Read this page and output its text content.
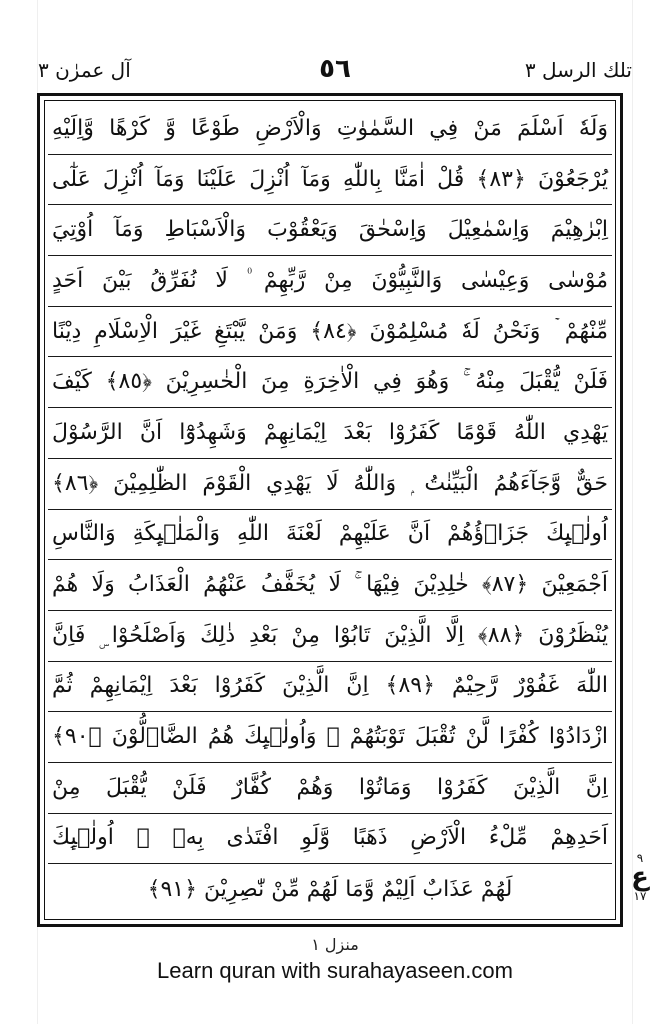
تلك الرسل ٣
٥٦
آل عمرٰن ٣
وَلَهٗ اَسْلَمَ مَنْ فِي السَّمٰوٰتِ وَالْاَرْضِ طَوْعًا وَّ كَرْهًا وَّاِلَيْهِ
يُرْجَعُوْنَ ﴿٨٣﴾ قُلْ اٰمَنَّا بِاللّٰهِ وَمَآ اُنْزِلَ عَلَيْنَا وَمَآ اُنْزِلَ عَلٰٓى
اِبْرٰهِيْمَ وَاِسْمٰعِيْلَ وَاِسْحٰقَ وَيَعْقُوْبَ وَالْاَسْبَاطِ وَمَآ اُوْتِيَ
مُوْسٰى وَعِيْسٰى وَالنَّبِيُّوْنَ مِنْ رَّبِّهِمْ ۠ لَا نُفَرِّقُ بَيْنَ اَحَدٍ
مِّنْهُمْ ۡ وَنَحْنُ لَهٗ مُسْلِمُوْنَ ﴿٨٤﴾ وَمَنْ يَّبْتَغِ غَيْرَ الْاِسْلَامِ دِيْنًا
فَلَنْ يُّقْبَلَ مِنْهُ ۚ وَهُوَ فِي الْاٰخِرَةِ مِنَ الْخٰسِرِيْنَ ﴿٨٥﴾ كَيْفَ
يَهْدِي اللّٰهُ قَوْمًا كَفَرُوْا بَعْدَ اِيْمَانِهِمْ وَشَهِدُوْٓا اَنَّ الرَّسُوْلَ
حَقٌّ وَّجَآءَهُمُ الْبَيِّنٰتُ ۭ وَاللّٰهُ لَا يَهْدِي الْقَوْمَ الظّٰلِمِيْنَ ﴿٨٦﴾
اُولٰۗىِٕكَ جَزَاۗؤُهُمْ اَنَّ عَلَيْهِمْ لَعْنَةَ اللّٰهِ وَالْمَلٰۗىِٕكَةِ وَالنَّاسِ
اَجْمَعِيْنَ ﴿٨٧﴾ خٰلِدِيْنَ فِيْهَا ۚ لَا يُخَفَّفُ عَنْهُمُ الْعَذَابُ وَلَا هُمْ
يُنْظَرُوْنَ ﴿٨٨﴾ اِلَّا الَّذِيْنَ تَابُوْا مِنْ بَعْدِ ذٰلِكَ وَاَصْلَحُوْا ۣ فَاِنَّ
اللّٰهَ غَفُوْرٌ رَّحِيْمٌ ﴿٨٩﴾ اِنَّ الَّذِيْنَ كَفَرُوْا بَعْدَ اِيْمَانِهِمْ ثُمَّ
ازْدَادُوْا كُفْرًا لَّنْ تُقْبَلَ تَوْبَتُهُمْ ۚ وَاُولٰۗىِٕكَ هُمُ الضَّاۗلُّوْنَ ﴿٩٠﴾
اِنَّ الَّذِيْنَ كَفَرُوْا وَمَاتُوْا وَھُمْ كُفَّارٌ فَلَنْ يُّقْبَلَ مِنْ
اَحَدِهِمْ مِّلْءُ الْاَرْضِ ذَهَبًا وَّلَوِ افْتَدٰى بِهٖ ۭ اُولٰۗىِٕكَ
لَهُمْ عَذَابٌ اَلِيْمٌ وَّمَا لَهُمْ مِّنْ نّٰصِرِيْنَ ﴿٩١﴾
٩
ع
١٧
منزل ١
Learn quran with surahayaseen.com
